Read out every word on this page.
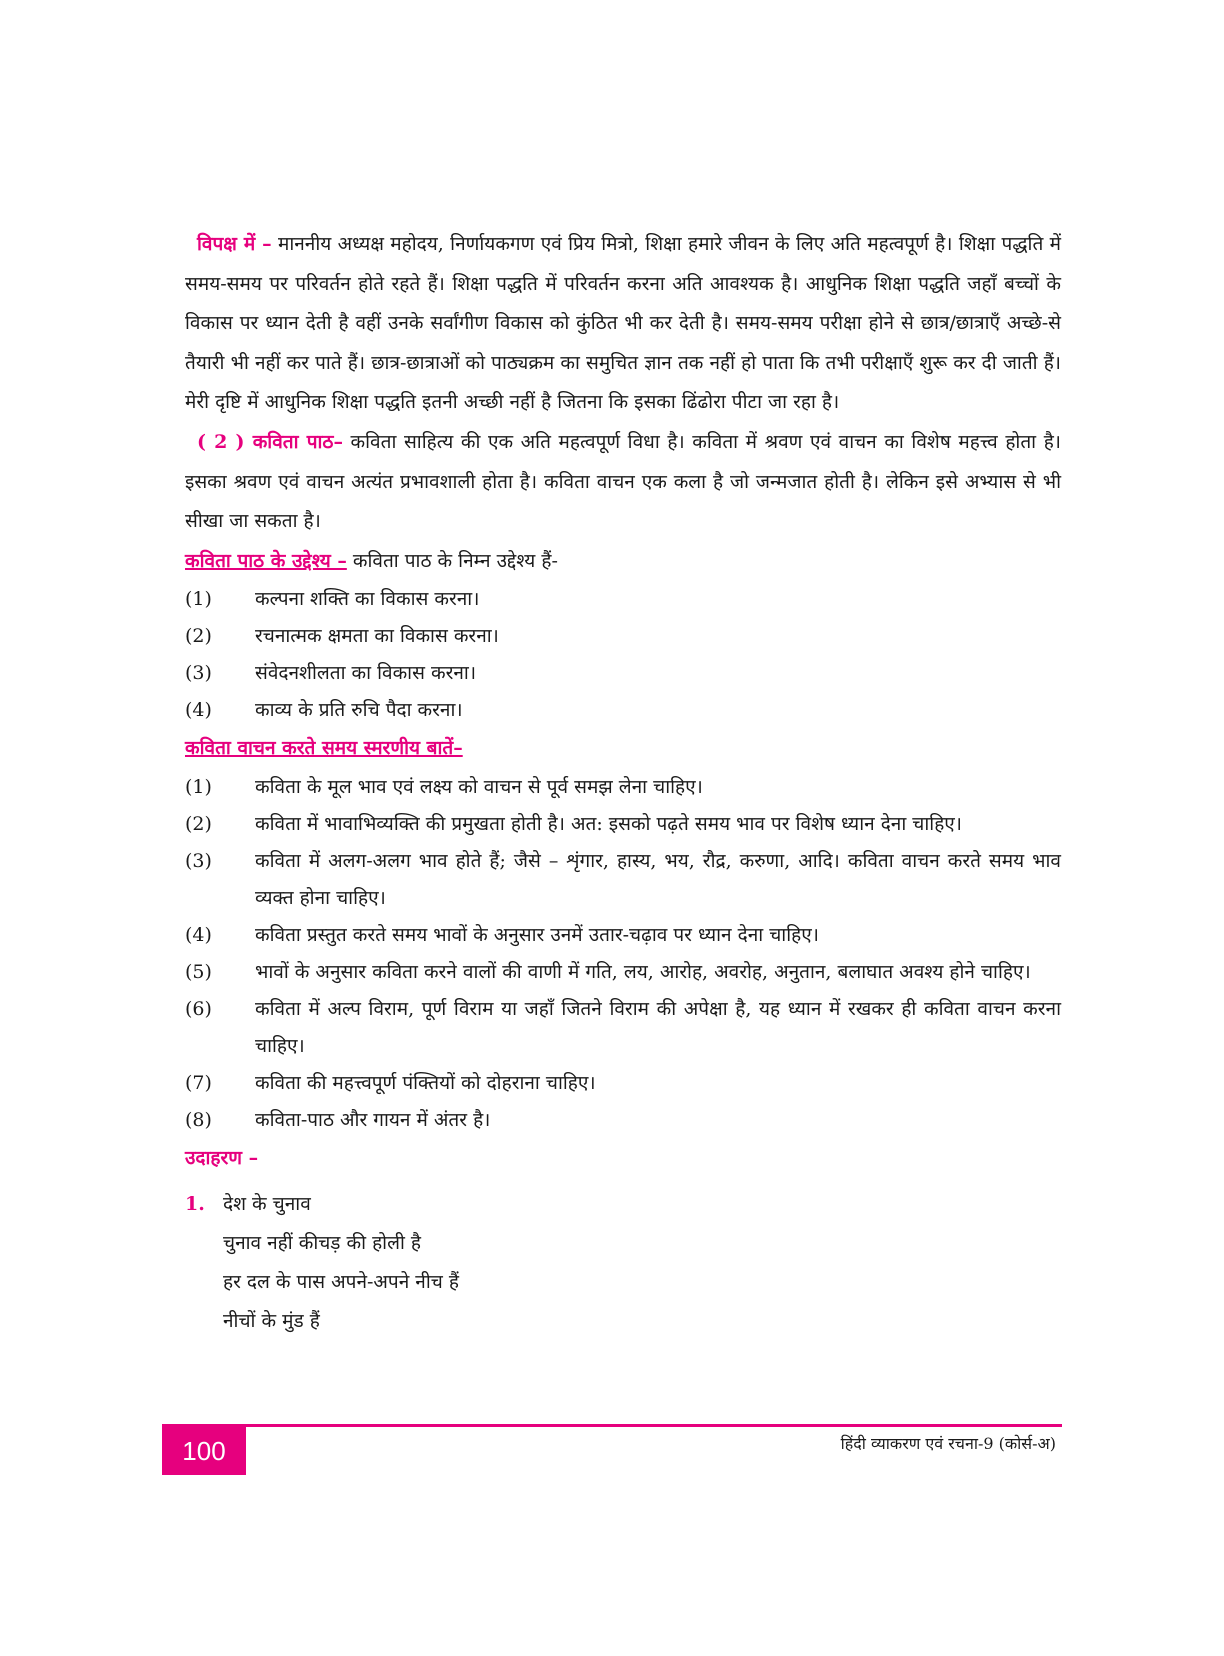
विपक्ष में – माननीय अध्यक्ष महोदय, निर्णायकगण एवं प्रिय मित्रो, शिक्षा हमारे जीवन के लिए अति महत्वपूर्ण है। शिक्षा पद्धति में समय-समय पर परिवर्तन होते रहते हैं। शिक्षा पद्धति में परिवर्तन करना अति आवश्यक है। आधुनिक शिक्षा पद्धति जहाँ बच्चों के विकास पर ध्यान देती है वहीं उनके सर्वांगीण विकास को कुंठित भी कर देती है। समय-समय परीक्षा होने से छात्र/छात्राएँ अच्छे-से तैयारी भी नहीं कर पाते हैं। छात्र-छात्राओं को पाठ्यक्रम का समुचित ज्ञान तक नहीं हो पाता कि तभी परीक्षाएँ शुरू कर दी जाती हैं। मेरी दृष्टि में आधुनिक शिक्षा पद्धति इतनी अच्छी नहीं है जितना कि इसका ढिंढोरा पीटा जा रहा है।

( 2 ) कविता पाठ– कविता साहित्य की एक अति महत्वपूर्ण विधा है। कविता में श्रवण एवं वाचन का विशेष महत्त्व होता है। इसका श्रवण एवं वाचन अत्यंत प्रभावशाली होता है। कविता वाचन एक कला है जो जन्मजात होती है। लेकिन इसे अभ्यास से भी सीखा जा सकता है।

कविता पाठ के उद्देश्य – कविता पाठ के निम्न उद्देश्य हैं-

(1)	कल्पना शक्ति का विकास करना।
(2)	रचनात्मक क्षमता का विकास करना।
(3)	संवेदनशीलता का विकास करना।
(4)	काव्य के प्रति रुचि पैदा करना।

कविता वाचन करते समय स्मरणीय बातें–

(1)	कविता के मूल भाव एवं लक्ष्य को वाचन से पूर्व समझ लेना चाहिए।
(2)	कविता में भावाभिव्यक्ति की प्रमुखता होती है। अत: इसको पढ़ते समय भाव पर विशेष ध्यान देना चाहिए।
(3)	कविता में अलग-अलग भाव होते हैं; जैसे – शृंगार, हास्य, भय, रौद्र, करुणा, आदि। कविता वाचन करते समय भाव व्यक्त होना चाहिए।
(4)	कविता प्रस्तुत करते समय भावों के अनुसार उनमें उतार-चढ़ाव पर ध्यान देना चाहिए।
(5)	भावों के अनुसार कविता करने वालों की वाणी में गति, लय, आरोह, अवरोह, अनुतान, बलाघात अवश्य होने चाहिए।
(6)	कविता में अल्प विराम, पूर्ण विराम या जहाँ जितने विराम की अपेक्षा है, यह ध्यान में रखकर ही कविता वाचन करना चाहिए।
(7)	कविता की महत्त्वपूर्ण पंक्तियों को दोहराना चाहिए।
(8)	कविता-पाठ और गायन में अंतर है।

उदाहरण –

1. देश के चुनाव
चुनाव नहीं कीचड़ की होली है
हर दल के पास अपने-अपने नीच हैं
नीचों के मुंड हैं
100	हिंदी व्याकरण एवं रचना-9 (कोर्स-अ)
